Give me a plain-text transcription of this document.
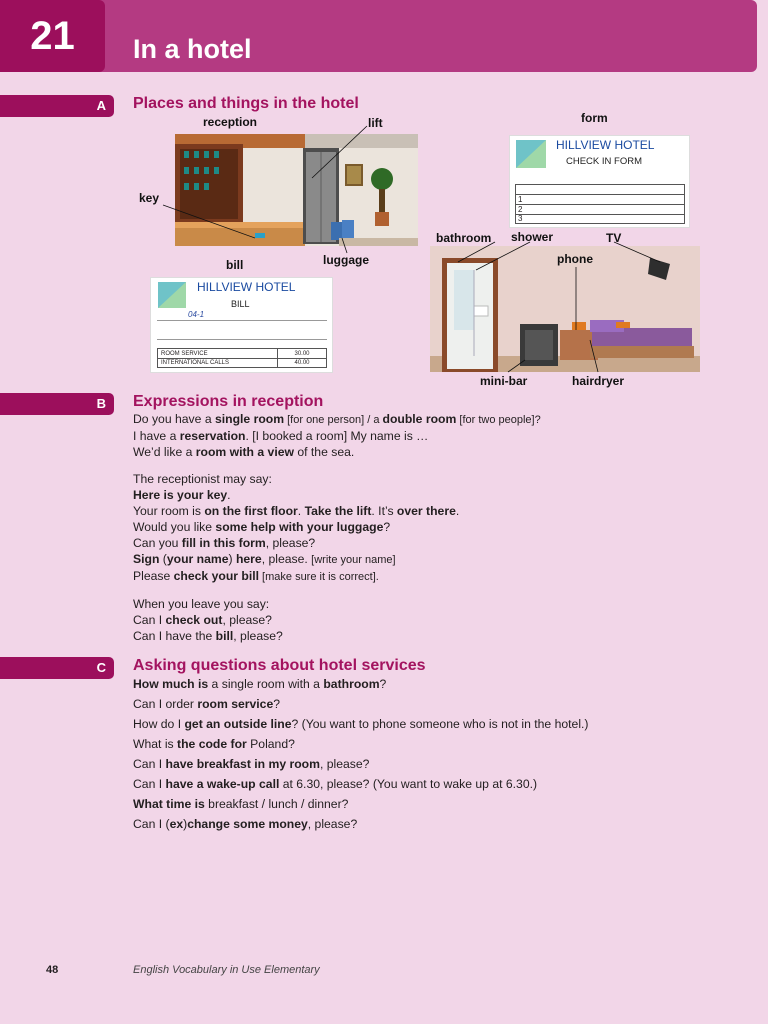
21	In a hotel
A	Places and things in the hotel
HILLVIEW HOTEL
CHECK IN FORM
1
2
3
HILLVIEW HOTEL
BILL
04-1
ROOM SERVICE	30.00
INTERNATIONAL CALLS	40.00
reception	lift
key
luggage
bill
form
bathroom shower	TV
phone
mini-bar	hairdryer
B	Expressions in reception
Do you have a single room [for one person] / a double room [for two people]?
I have a reservation. [I booked a room] My name is …
We’d like a room with a view of the sea.
The receptionist may say:
Here is your key.
Your room is on the first floor. Take the lift. It’s over there.
Would you like some help with your luggage?
Can you fill in this form, please?
Sign (your name) here, please. [write your name]
Please check your bill [make sure it is correct].
When you leave you say:
Can I check out, please?
Can I have the bill, please?
C	Asking questions about hotel services
How much is a single room with a bathroom?
Can I order room service?
How do I get an outside line? (You want to phone someone who is not in the hotel.)
What is the code for Poland?
Can I have breakfast in my room, please?
Can I have a wake-up call at 6.30, please? (You want to wake up at 6.30.)
What time is breakfast / lunch / dinner?
Can I (ex)change some money, please?
48	English Vocabulary in Use Elementary
